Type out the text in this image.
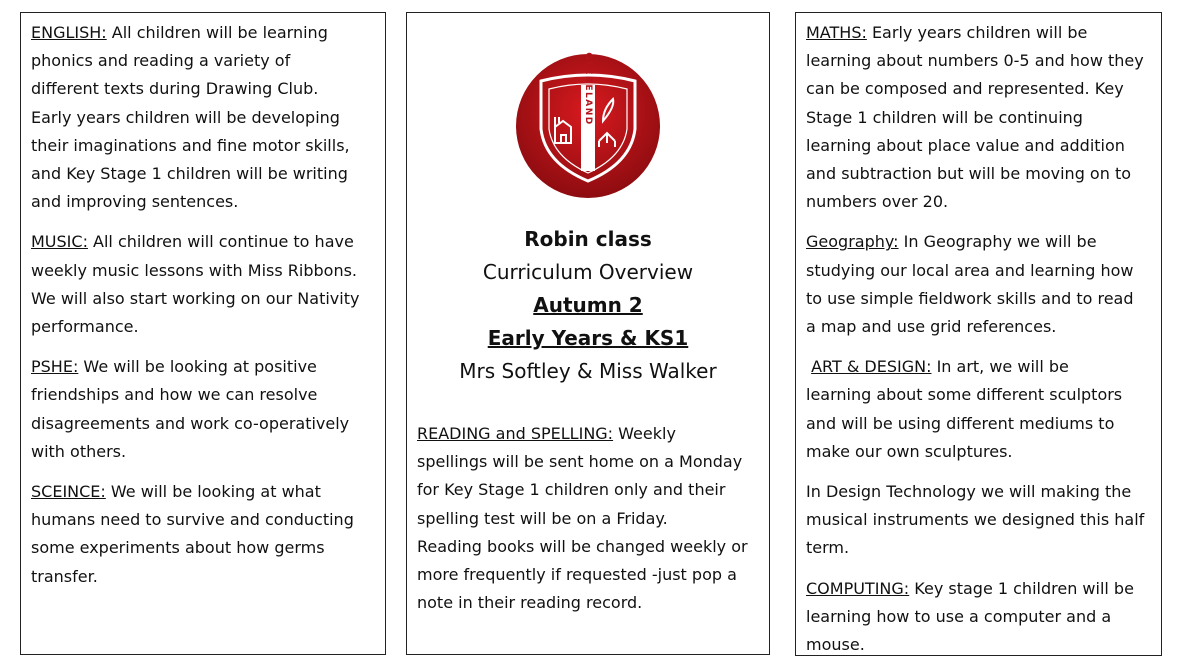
ENGLISH: All children will be learning
phonics and reading a variety of
different texts during Drawing Club.
Early years children will be developing
their imaginations and fine motor skills,
and Key Stage 1 children will be writing
and improving sentences.

MUSIC: All children will continue to have
weekly music lessons with Miss Ribbons.
We will also start working on our Nativity
performance.

PSHE: We will be looking at positive
friendships and how we can resolve
disagreements and work co-operatively
with others.

SCEINCE: We will be looking at what
humans need to survive and conducting
some experiments about how germs
transfer.

GLEBELAND
Robin class
Curriculum Overview
Autumn 2
Early Years & KS1
Mrs Softley & Miss Walker

READING and SPELLING: Weekly
spellings will be sent home on a Monday
for Key Stage 1 children only and their
spelling test will be on a Friday.
Reading books will be changed weekly or
more frequently if requested -just pop a
note in their reading record.

MATHS: Early years children will be
learning about numbers 0-5 and how they
can be composed and represented. Key
Stage 1 children will be continuing
learning about place value and addition
and subtraction but will be moving on to
numbers over 20.

Geography: In Geography we will be
studying our local area and learning how
to use simple fieldwork skills and to read
a map and use grid references.

ART & DESIGN: In art, we will be
learning about some different sculptors
and will be using different mediums to
make our own sculptures.

In Design Technology we will making the
musical instruments we designed this half
term.

COMPUTING: Key stage 1 children will be
learning how to use a computer and a
mouse.
